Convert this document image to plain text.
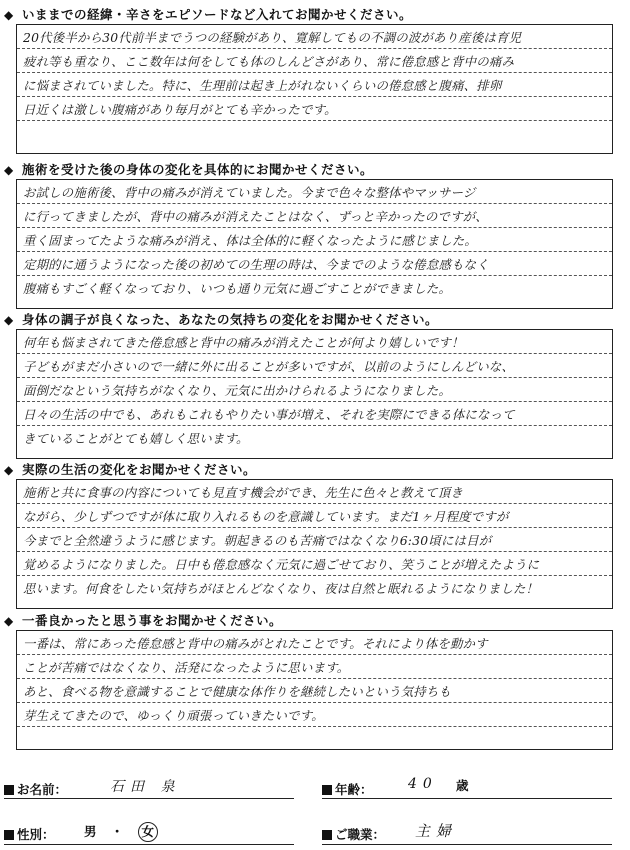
◆ いままでの経緯・辛さをエピソードなど入れてお聞かせください。
20代後半から30代前半までうつの経験があり、寛解してもの不調の波があり産後は育児
疲れ等も重なり、ここ数年は何をしても体のしんどさがあり、常に倦怠感と背中の痛み
に悩まされていました。特に、生理前は起き上がれないくらいの倦怠感と腹痛、排卵
日近くは激しい腹痛があり毎月がとても辛かったです。
◆ 施術を受けた後の身体の変化を具体的にお聞かせください。
お試しの施術後、背中の痛みが消えていました。今まで色々な整体やマッサージ
に行ってきましたが、背中の痛みが消えたことはなく、ずっと辛かったのですが、
重く固まってたような痛みが消え、体は全体的に軽くなったように感じました。
定期的に通うようになった後の初めての生理の時は、今までのような倦怠感もなく
腹痛もすごく軽くなっており、いつも通り元気に過ごすことができました。
◆ 身体の調子が良くなった、あなたの気持ちの変化をお聞かせください。
何年も悩まされてきた倦怠感と背中の痛みが消えたことが何より嬉しいです！
子どもがまだ小さいので一緒に外に出ることが多いですが、以前のようにしんどいな、
面倒だなという気持ちがなくなり、元気に出かけられるようになりました。
日々の生活の中でも、あれもこれもやりたい事が増え、それを実際にできる体になって
きていることがとても嬉しく思います。
◆ 実際の生活の変化をお聞かせください。
施術と共に食事の内容についても見直す機会ができ、先生に色々と教えて頂き
ながら、少しずつですが体に取り入れるものを意識しています。まだ1ヶ月程度ですが
今までと全然違うように感じます。朝起きるのも苦痛ではなくなり6:30頃には目が
覚めるようになりました。日中も倦怠感なく元気に過ごせており、笑うことが増えたように
思います。何食をしたい気持ちがほとんどなくなり、夜は自然と眠れるようになりました！
◆ 一番良かったと思う事をお聞かせください。
一番は、常にあった倦怠感と背中の痛みがとれたことです。それにより体を動かす
ことが苦痛ではなくなり、活発になったように思います。
あと、食べる物を意識することで健康な体作りを継続したいという気持ちも
芽生えてきたので、ゆっくり頑張っていきたいです。
お名前：	石田 泉	年齢：	40 歳
性別： 男 ・ 女	ご職業： 主婦
